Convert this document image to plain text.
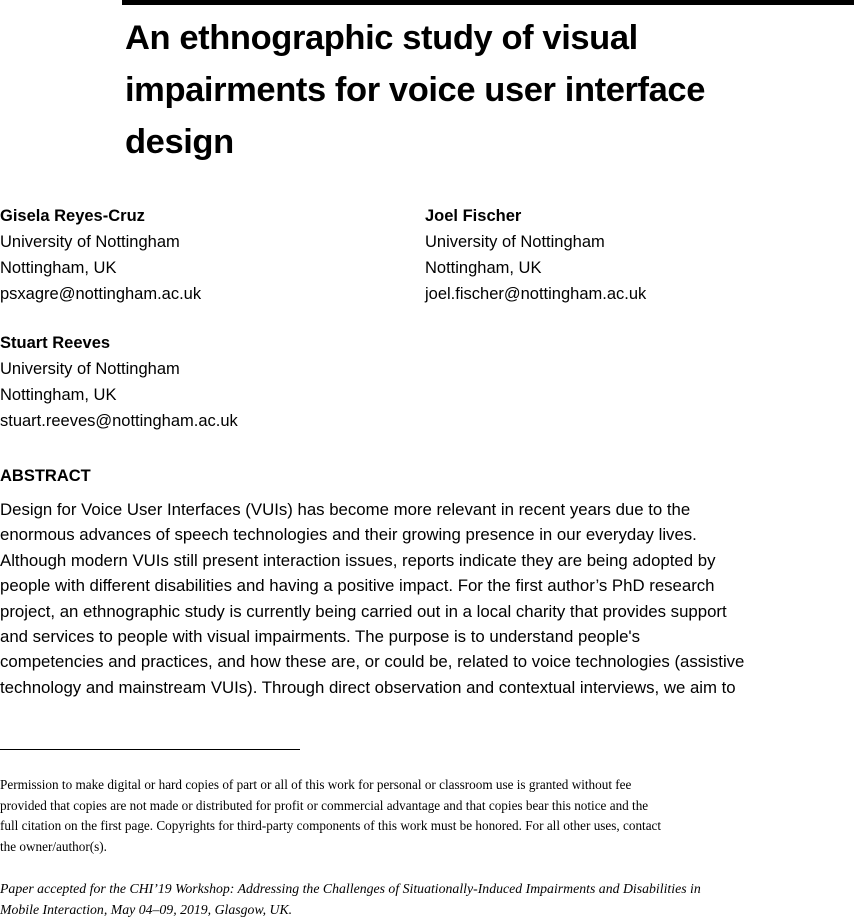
An ethnographic study of visual
impairments for voice user interface
design
Gisela Reyes-Cruz
University of Nottingham
Nottingham, UK
psxagre@nottingham.ac.uk
Joel Fischer
University of Nottingham
Nottingham, UK
joel.fischer@nottingham.ac.uk
Stuart Reeves
University of Nottingham
Nottingham, UK
stuart.reeves@nottingham.ac.uk
ABSTRACT

Design for Voice User Interfaces (VUIs) has become more relevant in recent years due to the
enormous advances of speech technologies and their growing presence in our everyday lives.
Although modern VUIs still present interaction issues, reports indicate they are being adopted by
people with different disabilities and having a positive impact. For the first author’s PhD research
project, an ethnographic study is currently being carried out in a local charity that provides support
and services to people with visual impairments. The purpose is to understand people's
competencies and practices, and how these are, or could be, related to voice technologies (assistive
technology and mainstream VUIs). Through direct observation and contextual interviews, we aim to

Permission to make digital or hard copies of part or all of this work for personal or classroom use is granted without fee
provided that copies are not made or distributed for profit or commercial advantage and that copies bear this notice and the
full citation on the first page. Copyrights for third-party components of this work must be honored. For all other uses, contact
the owner/author(s).

Paper accepted for the CHI’19 Workshop: Addressing the Challenges of Situationally-Induced Impairments and Disabilities in
Mobile Interaction, May 04–09, 2019, Glasgow, UK.
